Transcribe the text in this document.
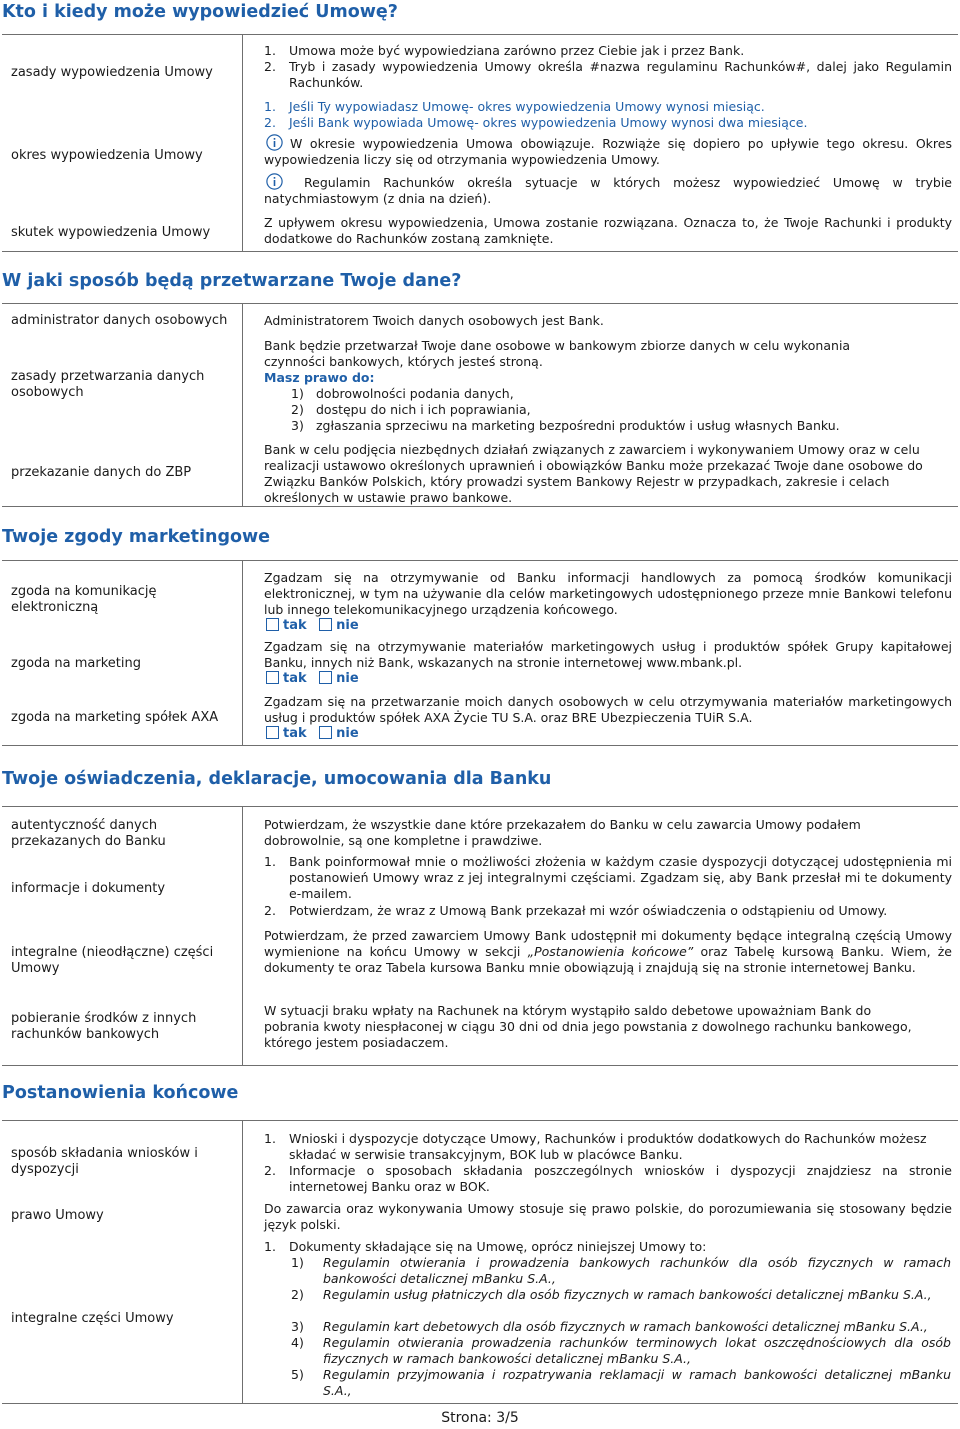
Kto i kiedy może wypowiedzieć Umowę?
zasady wypowiedzenia Umowy
okres wypowiedzenia Umowy
skutek wypowiedzenia Umowy
1. Umowa może być wypowiedziana zarówno przez Ciebie jak i przez Bank.
2. Tryb i zasady wypowiedzenia Umowy określa #nazwa regulaminu Rachunków#, dalej jako Regulamin Rachunków.
1. Jeśli Ty wypowiadasz Umowę- okres wypowiedzenia Umowy wynosi miesiąc.
2. Jeśli Bank wypowiada Umowę- okres wypowiedzenia Umowy wynosi dwa miesiące.
W okresie wypowiedzenia Umowa obowiązuje. Rozwiąże się dopiero po upływie tego okresu. Okres wypowiedzenia liczy się od otrzymania wypowiedzenia Umowy.
Regulamin Rachunków określa sytuacje w których możesz wypowiedzieć Umowę w trybie natychmiastowym (z dnia na dzień).
Z upływem okresu wypowiedzenia, Umowa zostanie rozwiązana. Oznacza to, że Twoje Rachunki i produkty dodatkowe do Rachunków zostaną zamknięte.
W jaki sposób będą przetwarzane Twoje dane?
administrator danych osobowych
zasady przetwarzania danych osobowych
przekazanie danych do ZBP
Administratorem Twoich danych osobowych jest Bank.
Bank będzie przetwarzał Twoje dane osobowe w bankowym zbiorze danych w celu wykonania czynności bankowych, których jesteś stroną.
Masz prawo do:
1) dobrowolności podania danych,
2) dostępu do nich i ich poprawiania,
3) zgłaszania sprzeciwu na marketing bezpośredni produktów i usług własnych Banku.
Bank w celu podjęcia niezbędnych działań związanych z zawarciem i wykonywaniem Umowy oraz w celu realizacji ustawowo określonych uprawnień i obowiązków Banku może przekazać Twoje dane osobowe do Związku Banków Polskich, który prowadzi system Bankowy Rejestr w przypadkach, zakresie i celach określonych w ustawie prawo bankowe.
Twoje zgody marketingowe
zgoda na komunikację elektroniczną
zgoda na marketing
zgoda na marketing spółek AXA
Zgadzam się na otrzymywanie od Banku informacji handlowych za pomocą środków komunikacji elektronicznej, w tym na używanie dla celów marketingowych udostępnionego przeze mnie Bankowi telefonu lub innego telekomunikacyjnego urządzenia końcowego.
tak nie
Zgadzam się na otrzymywanie materiałów marketingowych usług i produktów spółek Grupy kapitałowej Banku, innych niż Bank, wskazanych na stronie internetowej www.mbank.pl.
tak nie
Zgadzam się na przetwarzanie moich danych osobowych w celu otrzymywania materiałów marketingowych usług i produktów spółek AXA Życie TU S.A. oraz BRE Ubezpieczenia TUiR S.A.
tak nie
Twoje oświadczenia, deklaracje, umocowania dla Banku
autentyczność danych przekazanych do Banku
informacje i dokumenty
integralne (nieodłączne) części Umowy
pobieranie środków z innych rachunków bankowych
Potwierdzam, że wszystkie dane które przekazałem do Banku w celu zawarcia Umowy podałem dobrowolnie, są one kompletne i prawdziwe.
1. Bank poinformował mnie o możliwości złożenia w każdym czasie dyspozycji dotyczącej udostępnienia mi postanowień Umowy wraz z jej integralnymi częściami. Zgadzam się, aby Bank przesłał mi te dokumenty e-mailem.
2. Potwierdzam, że wraz z Umową Bank przekazał mi wzór oświadczenia o odstąpieniu od Umowy.
Potwierdzam, że przed zawarciem Umowy Bank udostępnił mi dokumenty będące integralną częścią Umowy wymienione na końcu Umowy w sekcji „Postanowienia końcowe” oraz Tabelę kursową Banku. Wiem, że dokumenty te oraz Tabela kursowa Banku mnie obowiązują i znajdują się na stronie internetowej Banku.
W sytuacji braku wpłaty na Rachunek na którym wystąpiło saldo debetowe upoważniam Bank do pobrania kwoty niespłaconej w ciągu 30 dni od dnia jego powstania z dowolnego rachunku bankowego, którego jestem posiadaczem.
Postanowienia końcowe
sposób składania wniosków i dyspozycji
prawo Umowy
integralne części Umowy
1. Wnioski i dyspozycje dotyczące Umowy, Rachunków i produktów dodatkowych do Rachunków możesz składać w serwisie transakcyjnym, BOK lub w placówce Banku.
2. Informacje o sposobach składania poszczególnych wniosków i dyspozycji znajdziesz na stronie internetowej Banku oraz w BOK.
Do zawarcia oraz wykonywania Umowy stosuje się prawo polskie, do porozumiewania się stosowany będzie język polski.
1. Dokumenty składające się na Umowę, oprócz niniejszej Umowy to:
1) Regulamin otwierania i prowadzenia bankowych rachunków dla osób fizycznych w ramach bankowości detalicznej mBanku S.A.,
2) Regulamin usług płatniczych dla osób fizycznych w ramach bankowości detalicznej mBanku S.A.,
3) Regulamin kart debetowych dla osób fizycznych w ramach bankowości detalicznej mBanku S.A.,
4) Regulamin otwierania prowadzenia rachunków terminowych lokat oszczędnościowych dla osób fizycznych w ramach bankowości detalicznej mBanku S.A.,
5) Regulamin przyjmowania i rozpatrywania reklamacji w ramach bankowości detalicznej mBanku S.A.,
Strona: 3/5
